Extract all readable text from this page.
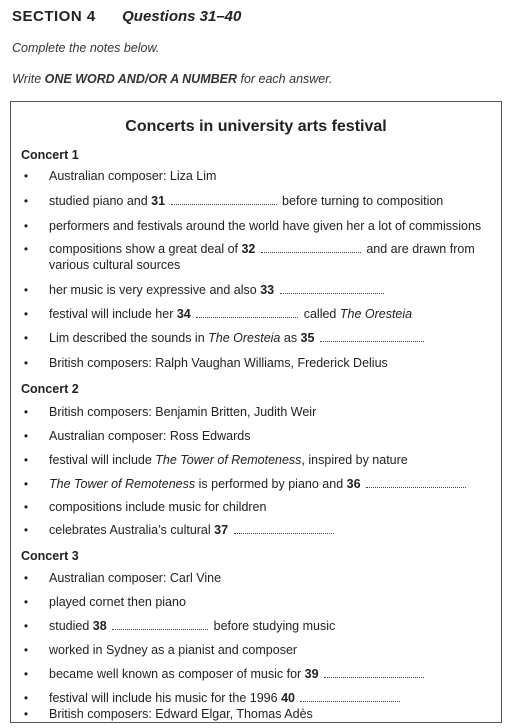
SECTION 4 Questions 31–40
Complete the notes below.
Write ONE WORD AND/OR A NUMBER for each answer.
Concerts in university arts festival
Concert 1
• Australian composer: Liza Lim
• studied piano and 31	before turning to composition
• performers and festivals around the world have given her a lot of commissions
• compositions show a great deal of 32	and are drawn from
various cultural sources
• her music is very expressive and also 33
• festival will include her 34	called The Oresteia
• Lim described the sounds in The Oresteia as 35
• British composers: Ralph Vaughan Williams, Frederick Delius
Concert 2
• British composers: Benjamin Britten, Judith Weir
• Australian composer: Ross Edwards
• festival will include The Tower of Remoteness, inspired by nature
• The Tower of Remoteness is performed by piano and 36
• compositions include music for children
• celebrates Australia’s cultural 37
Concert 3
• Australian composer: Carl Vine
• played cornet then piano
• studied 38	before studying music
• worked in Sydney as a pianist and composer
• became well known as composer of music for 39
• festival will include his music for the 1996 40
• British composers: Edward Elgar, Thomas Adès
